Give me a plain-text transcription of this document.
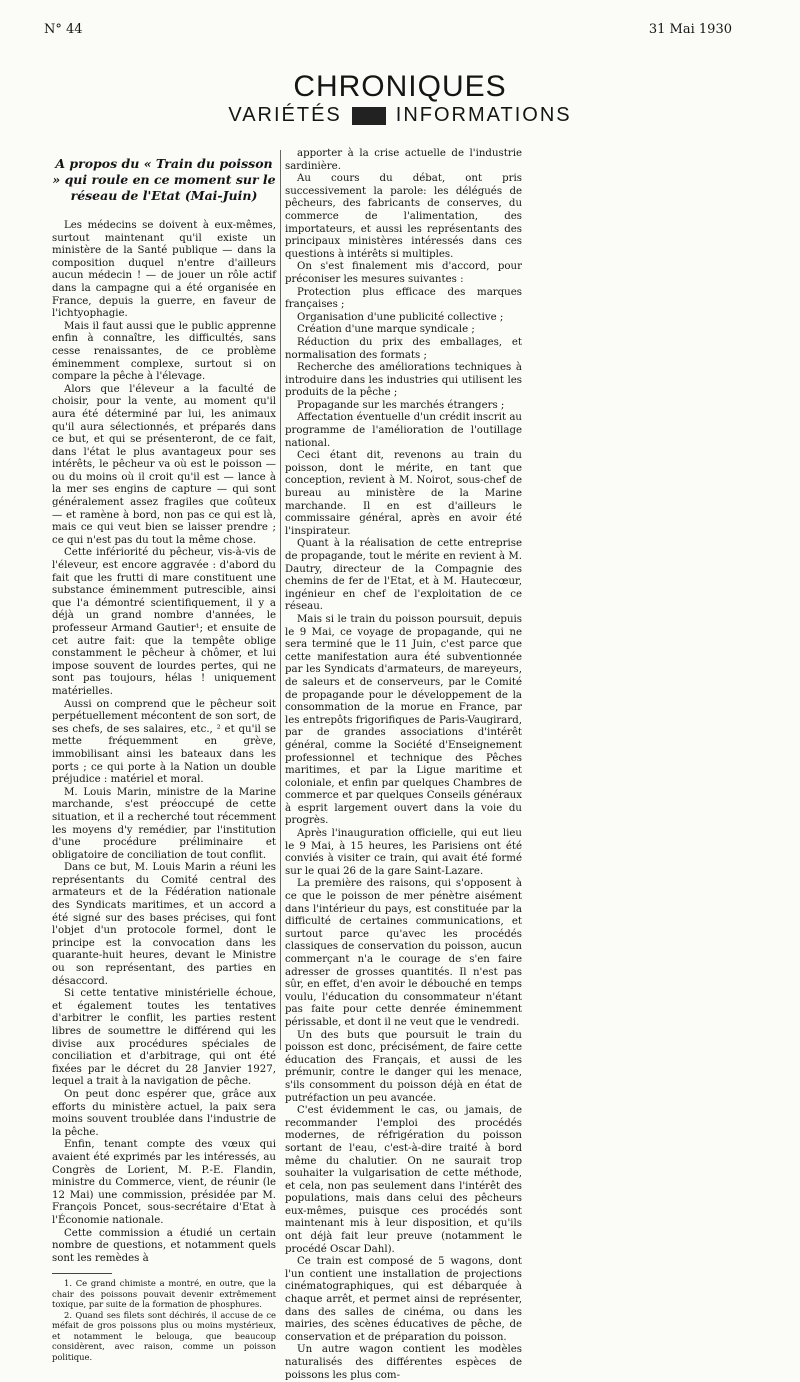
N° 44	31 Mai 1930
CHRONIQUES
VARIÉTÉS	INFORMATIONS
A propos du « Train du poisson » qui roule en ce moment sur le réseau de l'Etat (Mai-Juin)

Les médecins se doivent à eux-mêmes, surtout maintenant qu'il existe un ministère de la Santé publique — dans la composition duquel n'entre d'ailleurs aucun médecin ! — de jouer un rôle actif dans la campagne qui a été organisée en France, depuis la guerre, en faveur de l'ichtyophagie.

Mais il faut aussi que le public apprenne enfin à connaître, les difficultés, sans cesse renaissantes, de ce problème éminemment complexe, surtout si on compare la pêche à l'élevage.

Alors que l'éleveur a la faculté de choisir, pour la vente, au moment qu'il aura été déterminé par lui, les animaux qu'il aura sélectionnés, et préparés dans ce but, et qui se présenteront, de ce fait, dans l'état le plus avantageux pour ses intérêts, le pêcheur va où est le poisson — ou du moins où il croit qu'il est — lance à la mer ses engins de capture — qui sont généralement assez fragiles que coûteux — et ramène à bord, non pas ce qui est là, mais ce qui veut bien se laisser prendre ; ce qui n'est pas du tout la même chose.

Cette infériorité du pêcheur, vis-à-vis de l'éleveur, est encore aggravée : d'abord du fait que les frutti di mare constituent une substance éminemment putrescible, ainsi que l'a démontré scientifiquement, il y a déjà un grand nombre d'années, le professeur Armand Gautier¹; et ensuite de cet autre fait: que la tempête oblige constamment le pêcheur à chômer, et lui impose souvent de lourdes pertes, qui ne sont pas toujours, hélas ! uniquement matérielles.

Aussi on comprend que le pêcheur soit perpétuellement mécontent de son sort, de ses chefs, de ses salaires, etc., ² et qu'il se mette fréquemment en grève, immobilisant ainsi les bateaux dans les ports ; ce qui porte à la Nation un double préjudice : matériel et moral.

M. Louis Marin, ministre de la Marine marchande, s'est préoccupé de cette situation, et il a recherché tout récemment les moyens d'y remédier, par l'institution d'une procédure préliminaire et obligatoire de conciliation de tout conflit.

Dans ce but, M. Louis Marin a réuni les représentants du Comité central des armateurs et de la Fédération nationale des Syndicats maritimes, et un accord a été signé sur des bases précises, qui font l'objet d'un protocole formel, dont le principe est la convocation dans les quarante-huit heures, devant le Ministre ou son représentant, des parties en désaccord.

Si cette tentative ministérielle échoue, et également toutes les tentatives d'arbitrer le conflit, les parties restent libres de soumettre le différend qui les divise aux procédures spéciales de conciliation et d'arbitrage, qui ont été fixées par le décret du 28 Janvier 1927, lequel a trait à la navigation de pêche.

On peut donc espérer que, grâce aux efforts du ministère actuel, la paix sera moins souvent troublée dans l'industrie de la pêche.

Enfin, tenant compte des vœux qui avaient été exprimés par les intéressés, au Congrès de Lorient, M. P.-E. Flandin, ministre du Commerce, vient, de réunir (le 12 Mai) une commission, présidée par M. François Poncet, sous-secrétaire d'Etat à l'Économie nationale.

Cette commission a étudié un certain nombre de questions, et notamment quels sont les remèdes à

1. Ce grand chimiste a montré, en outre, que la chair des poissons pouvait devenir extrêmement toxique, par suite de la formation de phosphures.

2. Quand ses filets sont déchirés, il accuse de ce méfait de gros poissons plus ou moins mystérieux, et notamment le belouga, que beaucoup considèrent, avec raison, comme un poisson politique.

apporter à la crise actuelle de l'industrie sardinière.

Au cours du débat, ont pris successivement la parole: les délégués de pêcheurs, des fabricants de conserves, du commerce de l'alimentation, des importateurs, et aussi les représentants des principaux ministères intéressés dans ces questions à intérêts si multiples.

On s'est finalement mis d'accord, pour préconiser les mesures suivantes :

Protection plus efficace des marques françaises ;

Organisation d'une publicité collective ;

Création d'une marque syndicale ;

Réduction du prix des emballages, et normalisation des formats ;

Recherche des améliorations techniques à introduire dans les industries qui utilisent les produits de la pêche ;

Propagande sur les marchés étrangers ;

Affectation éventuelle d'un crédit inscrit au programme de l'amélioration de l'outillage national.

Ceci étant dit, revenons au train du poisson, dont le mérite, en tant que conception, revient à M. Noirot, sous-chef de bureau au ministère de la Marine marchande. Il en est d'ailleurs le commissaire général, après en avoir été l'inspirateur.

Quant à la réalisation de cette entreprise de propagande, tout le mérite en revient à M. Dautry, directeur de la Compagnie des chemins de fer de l'Etat, et à M. Hautecœur, ingénieur en chef de l'exploitation de ce réseau.

Mais si le train du poisson poursuit, depuis le 9 Mai, ce voyage de propagande, qui ne sera terminé que le 11 Juin, c'est parce que cette manifestation aura été subventionnée par les Syndicats d'armateurs, de mareyeurs, de saleurs et de conserveurs, par le Comité de propagande pour le développement de la consommation de la morue en France, par les entrepôts frigorifiques de Paris-Vaugirard, par de grandes associations d'intérêt général, comme la Société d'Enseignement professionnel et technique des Pêches maritimes, et par la Ligue maritime et coloniale, et enfin par quelques Chambres de commerce et par quelques Conseils généraux à esprit largement ouvert dans la voie du progrès.

Après l'inauguration officielle, qui eut lieu le 9 Mai, à 15 heures, les Parisiens ont été conviés à visiter ce train, qui avait été formé sur le quai 26 de la gare Saint-Lazare.

La première des raisons, qui s'opposent à ce que le poisson de mer pénètre aisément dans l'intérieur du pays, est constituée par la difficulté de certaines communications, et surtout parce qu'avec les procédés classiques de conservation du poisson, aucun commerçant n'a le courage de s'en faire adresser de grosses quantités. Il n'est pas sûr, en effet, d'en avoir le débouché en temps voulu, l'éducation du consommateur n'étant pas faite pour cette denrée éminemment périssable, et dont il ne veut que le vendredi.

Un des buts que poursuit le train du poisson est donc, précisément, de faire cette éducation des Français, et aussi de les prémunir, contre le danger qui les menace, s'ils consomment du poisson déjà en état de putréfaction un peu avancée.

C'est évidemment le cas, ou jamais, de recommander l'emploi des procédés modernes, de réfrigération du poisson sortant de l'eau, c'est-à-dire traité à bord même du chalutier. On ne saurait trop souhaiter la vulgarisation de cette méthode, et cela, non pas seulement dans l'intérêt des populations, mais dans celui des pêcheurs eux-mêmes, puisque ces procédés sont maintenant mis à leur disposition, et qu'ils ont déjà fait leur preuve (notamment le procédé Oscar Dahl).

Ce train est composé de 5 wagons, dont l'un contient une installation de projections cinématographiques, qui est débarquée à chaque arrêt, et permet ainsi de représenter, dans des salles de cinéma, ou dans les mairies, des scènes éducatives de pêche, de conservation et de préparation du poisson.

Un autre wagon contient les modèles naturalisés des différentes espèces de poissons les plus com-
